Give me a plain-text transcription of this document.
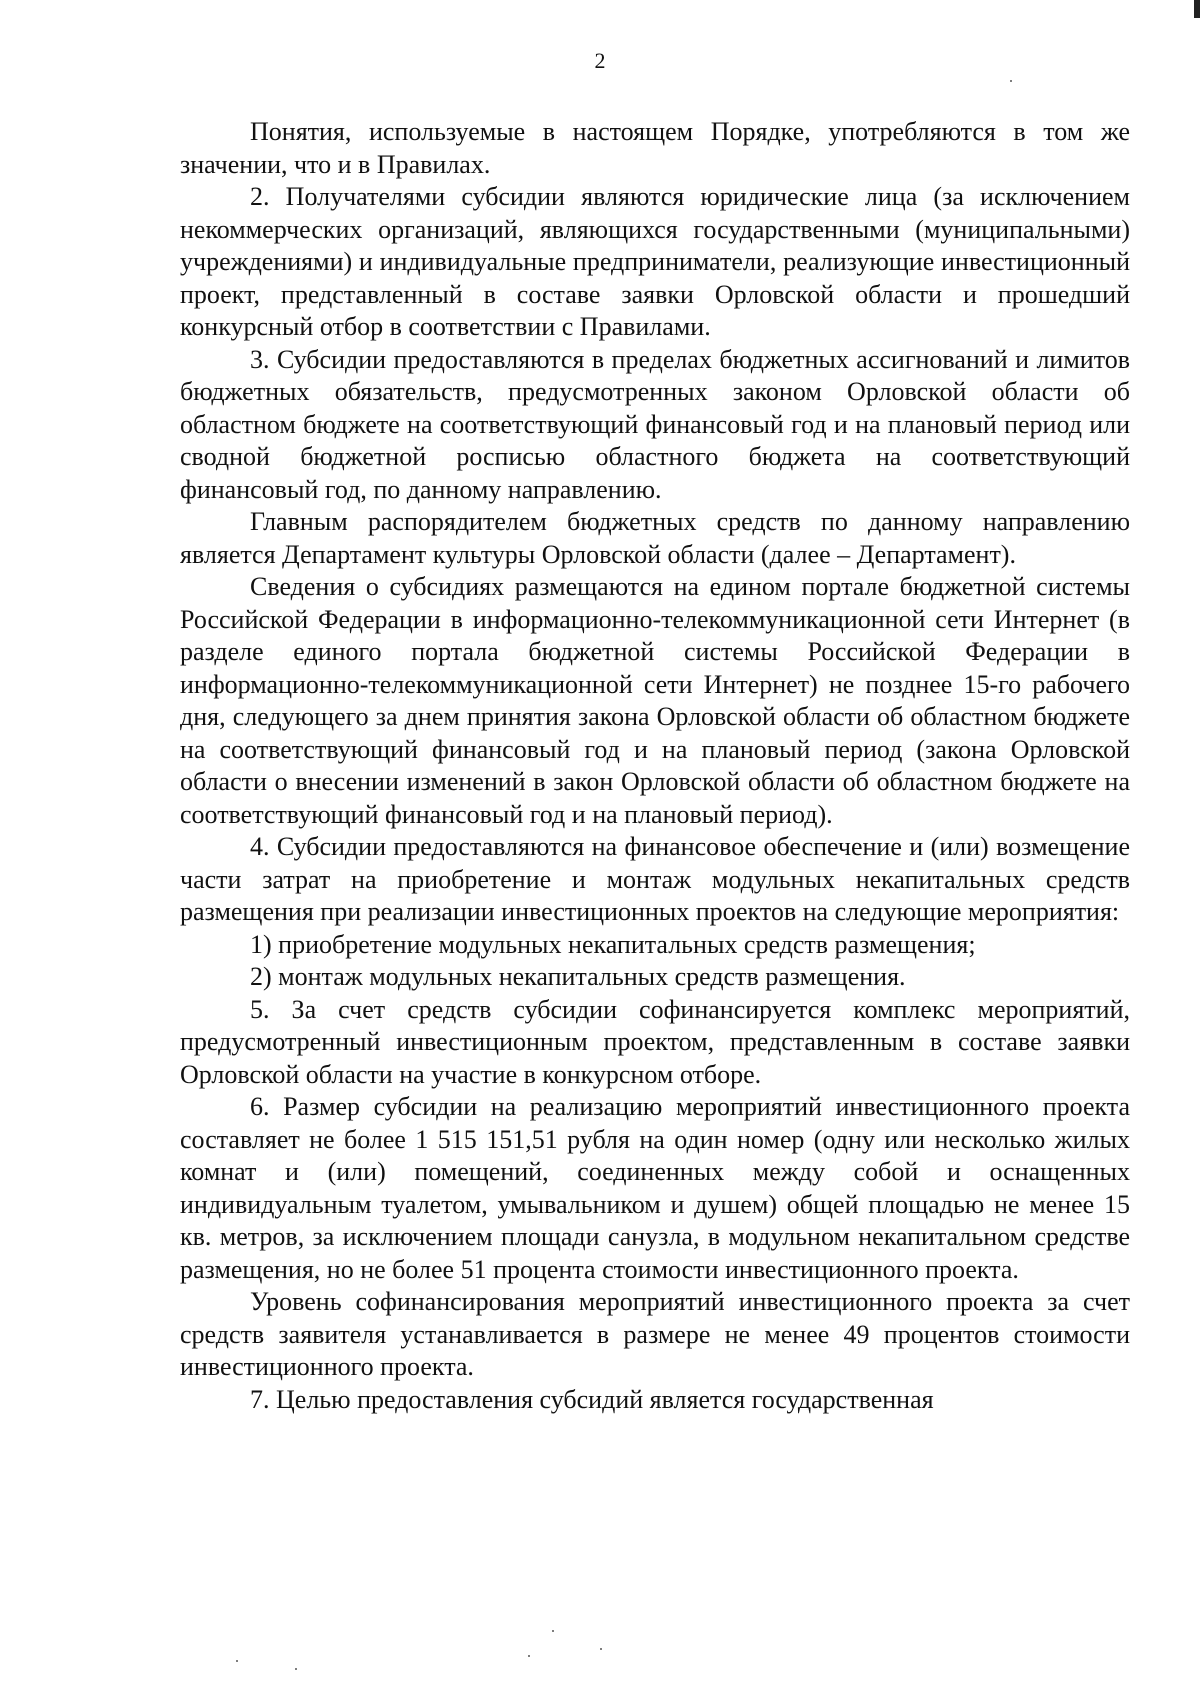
2

Понятия, используемые в настоящем Порядке, употребляются в том же значении, что и в Правилах.

2. Получателями субсидии являются юридические лица (за исключением некоммерческих организаций, являющихся государственными (муниципальными) учреждениями) и индивидуальные предприниматели, реализующие инвестиционный проект, представленный в составе заявки Орловской области и прошедший конкурсный отбор в соответствии с Правилами.

3. Субсидии предоставляются в пределах бюджетных ассигнований и лимитов бюджетных обязательств, предусмотренных законом Орловской области об областном бюджете на соответствующий финансовый год и на плановый период или сводной бюджетной росписью областного бюджета на соответствующий финансовый год, по данному направлению.

Главным распорядителем бюджетных средств по данному направлению является Департамент культуры Орловской области (далее – Департамент).

Сведения о субсидиях размещаются на едином портале бюджетной системы Российской Федерации в информационно-телекоммуникационной сети Интернет (в разделе единого портала бюджетной системы Российской Федерации в информационно-телекоммуникационной сети Интернет) не позднее 15-го рабочего дня, следующего за днем принятия закона Орловской области об областном бюджете на соответствующий финансовый год и на плановый период (закона Орловской области о внесении изменений в закон Орловской области об областном бюджете на соответствующий финансовый год и на плановый период).

4. Субсидии предоставляются на финансовое обеспечение и (или) возмещение части затрат на приобретение и монтаж модульных некапитальных средств размещения при реализации инвестиционных проектов на следующие мероприятия:

1) приобретение модульных некапитальных средств размещения;

2) монтаж модульных некапитальных средств размещения.

5. За счет средств субсидии софинансируется комплекс мероприятий, предусмотренный инвестиционным проектом, представленным в составе заявки Орловской области на участие в конкурсном отборе.

6. Размер субсидии на реализацию мероприятий инвестиционного проекта составляет не более 1 515 151,51 рубля на один номер (одну или несколько жилых комнат и (или) помещений, соединенных между собой и оснащенных индивидуальным туалетом, умывальником и душем) общей площадью не менее 15 кв. метров, за исключением площади санузла, в модульном некапитальном средстве размещения, но не более 51 процента стоимости инвестиционного проекта.

Уровень софинансирования мероприятий инвестиционного проекта за счет средств заявителя устанавливается в размере не менее 49 процентов стоимости инвестиционного проекта.

7. Целью предоставления субсидий является государственная
